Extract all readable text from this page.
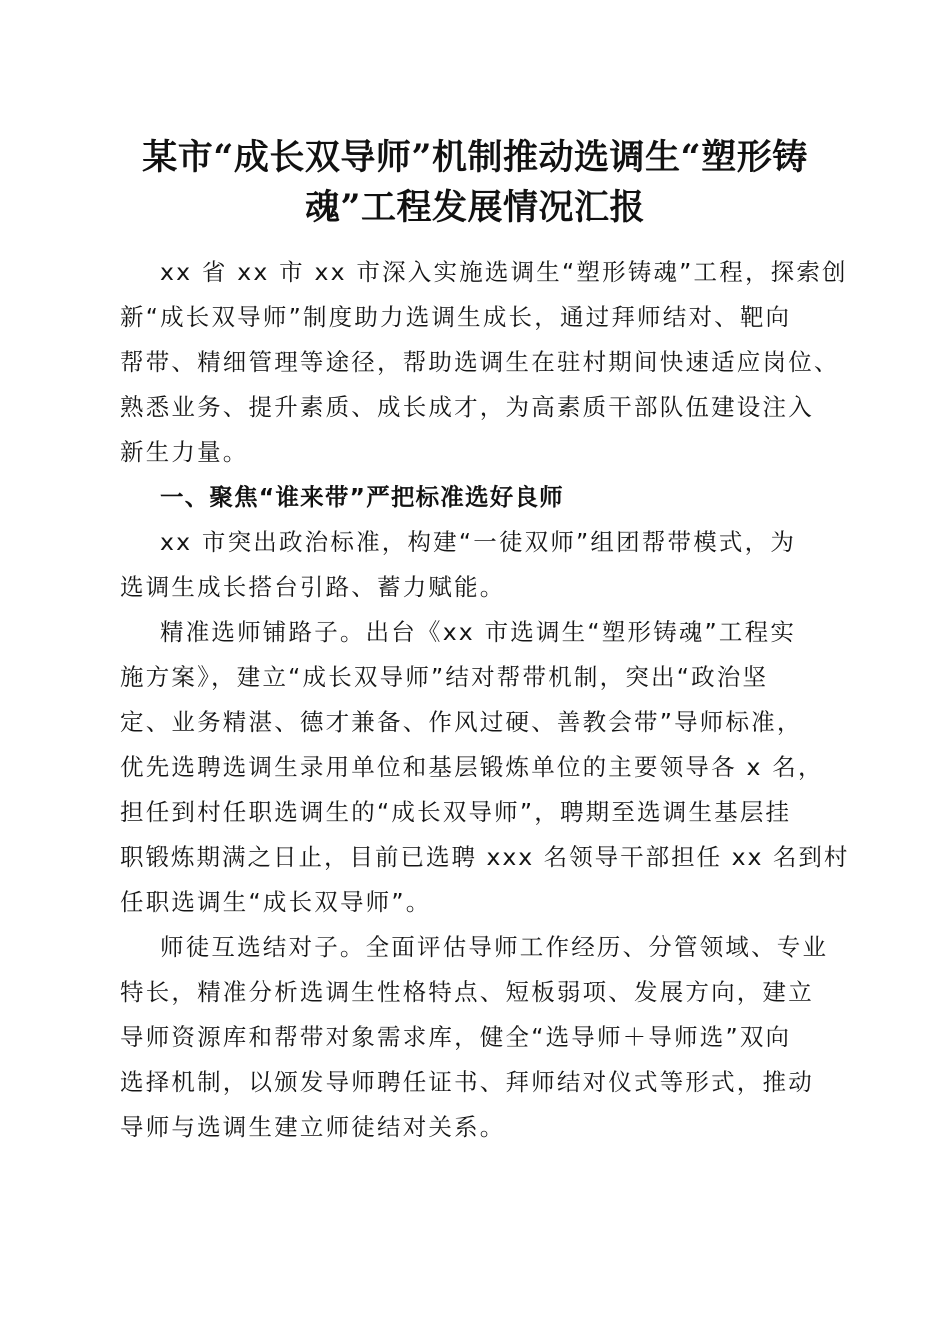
某市“成长双导师”机制推动选调生“塑形铸
魂”工程发展情况汇报

xx 省 xx 市 xx 市深入实施选调生“塑形铸魂”工程，探索创
新“成长双导师”制度助力选调生成长，通过拜师结对、靶向
帮带、精细管理等途径，帮助选调生在驻村期间快速适应岗位、
熟悉业务、提升素质、成长成才，为高素质干部队伍建设注入
新生力量。

一、聚焦“谁来带”严把标准选好良师

xx 市突出政治标准，构建“一徒双师”组团帮带模式，为
选调生成长搭台引路、蓄力赋能。

精准选师铺路子。出台《xx 市选调生“塑形铸魂”工程实
施方案》，建立“成长双导师”结对帮带机制，突出“政治坚
定、业务精湛、德才兼备、作风过硬、善教会带”导师标准，
优先选聘选调生录用单位和基层锻炼单位的主要领导各 x 名，
担任到村任职选调生的“成长双导师”，聘期至选调生基层挂
职锻炼期满之日止，目前已选聘 xxx 名领导干部担任 xx 名到村
任职选调生“成长双导师”。

师徒互选结对子。全面评估导师工作经历、分管领域、专业
特长，精准分析选调生性格特点、短板弱项、发展方向，建立
导师资源库和帮带对象需求库，健全“选导师＋导师选”双向
选择机制，以颁发导师聘任证书、拜师结对仪式等形式，推动
导师与选调生建立师徒结对关系。
